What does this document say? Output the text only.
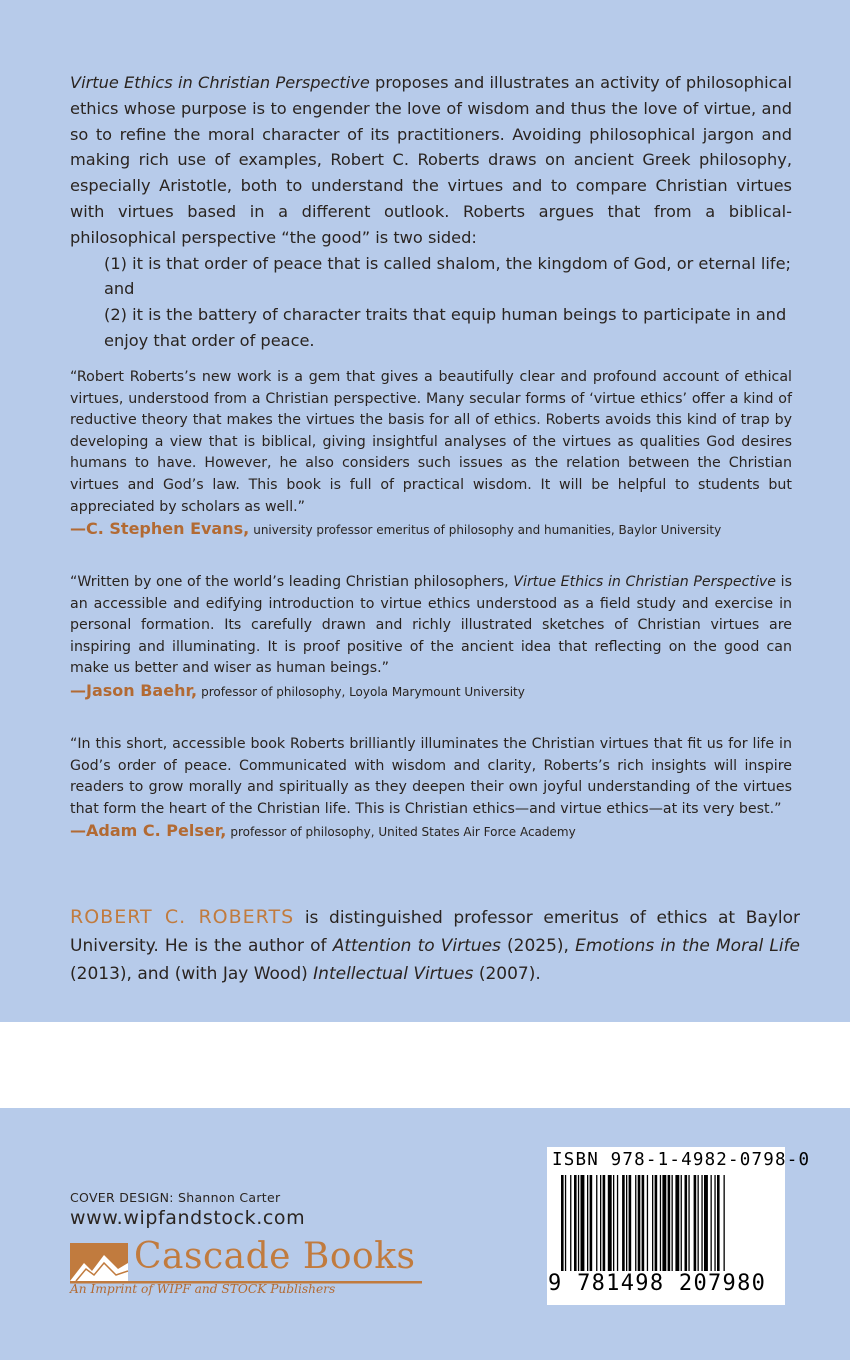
Virtue Ethics in Christian Perspective proposes and illustrates an activity of philosophical ethics whose purpose is to engender the love of wisdom and thus the love of virtue, and so to refine the moral character of its practitioners. Avoiding philosophical jargon and making rich use of examples, Robert C. Roberts draws on ancient Greek philosophy, especially Aristotle, both to understand the virtues and to compare Christian virtues with virtues based in a different outlook. Roberts argues that from a biblical-philosophical perspective “the good” is two sided:

(1) it is that order of peace that is called shalom, the kingdom of God, or eternal life; and
(2) it is the battery of character traits that equip human beings to participate in and enjoy that order of peace.

“Robert Roberts’s new work is a gem that gives a beautifully clear and profound account of ethical virtues, understood from a Christian perspective. Many secular forms of ‘virtue ethics’ offer a kind of reductive theory that makes the virtues the basis for all of ethics. Roberts avoids this kind of trap by developing a view that is biblical, giving insightful analyses of the virtues as qualities God desires humans to have. However, he also considers such issues as the relation between the Christian virtues and God’s law. This book is full of practical wisdom. It will be helpful to students but appreciated by scholars as well.”

—C. Stephen Evans, university professor emeritus of philosophy and humanities, Baylor University

“Written by one of the world’s leading Christian philosophers, Virtue Ethics in Christian Perspective is an accessible and edifying introduction to virtue ethics understood as a field study and exercise in personal formation. Its carefully drawn and richly illustrated sketches of Christian virtues are inspiring and illuminating. It is proof positive of the ancient idea that reflecting on the good can make us better and wiser as human beings.”

—Jason Baehr, professor of philosophy, Loyola Marymount University

“In this short, accessible book Roberts brilliantly illuminates the Christian virtues that fit us for life in God’s order of peace. Communicated with wisdom and clarity, Roberts’s rich insights will inspire readers to grow morally and spiritually as they deepen their own joyful understanding of the virtues that form the heart of the Christian life. This is Christian ethics—and virtue ethics—at its very best.”

—Adam C. Pelser, professor of philosophy, United States Air Force Academy
ROBERT C. ROBERTS is distinguished professor emeritus of ethics at Baylor University. He is the author of Attention to Virtues (2025), Emotions in the Moral Life (2013), and (with Jay Wood) Intellectual Virtues (2007).
COVER DESIGN: Shannon Carter
www.wipfandstock.com
Cascade Books
An Imprint of WIPF and STOCK Publishers
ISBN 978-1-4982-0798-0
9 781498 207980
